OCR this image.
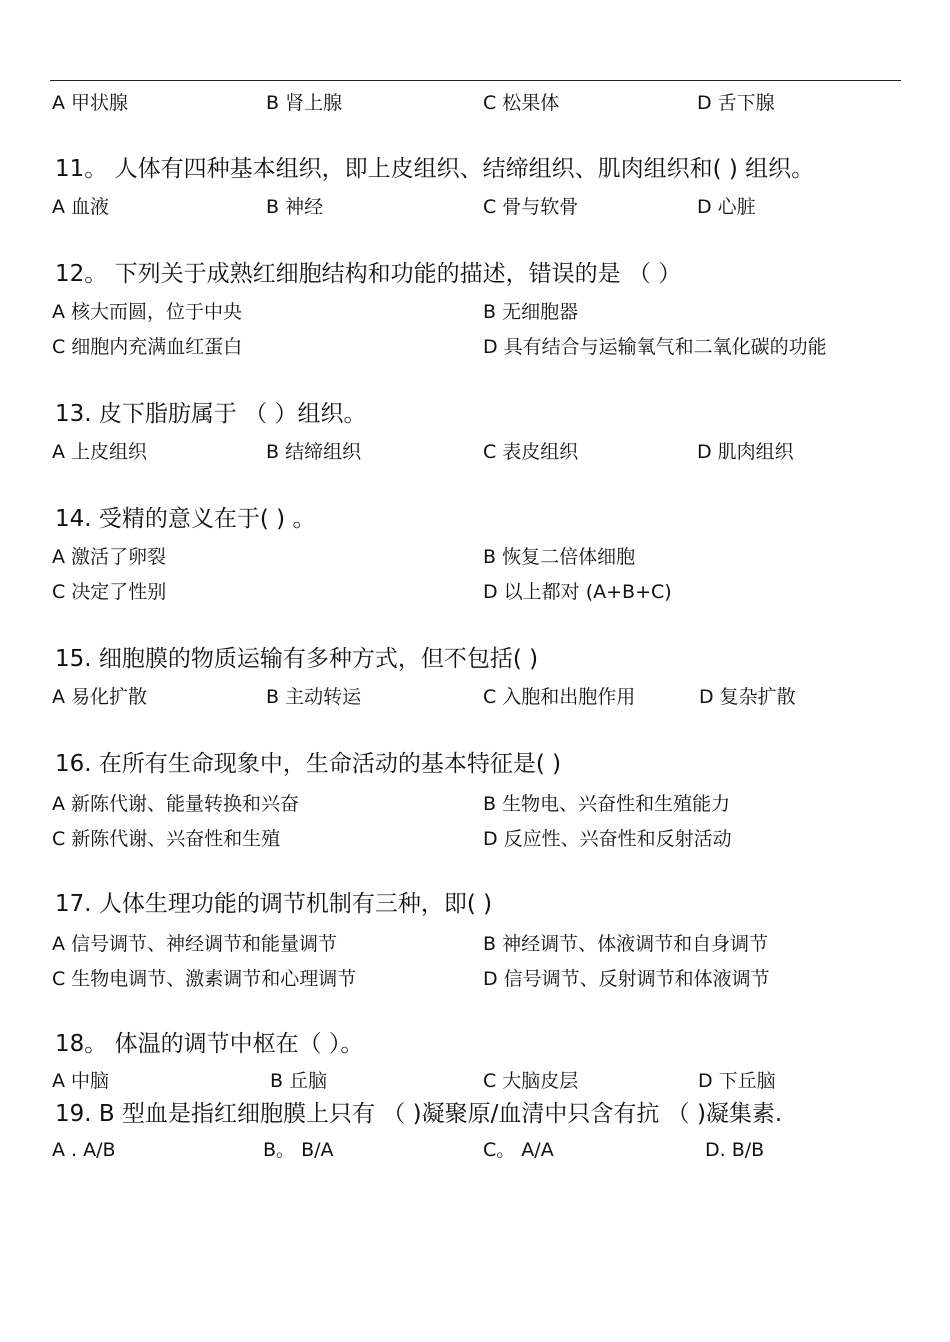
A 甲状腺	B 肾上腺	C 松果体	D 舌下腺
11。 人体有四种基本组织，即上皮组织、结缔组织、肌肉组织和( ) 组织。
A 血液	B 神经	C 骨与软骨	D 心脏
12。 下列关于成熟红细胞结构和功能的描述，错误的是 （ ）
A 核大而圆，位于中央	B 无细胞器
C 细胞内充满血红蛋白	D 具有结合与运输氧气和二氧化碳的功能
13. 皮下脂肪属于 （ ）组织。
A 上皮组织	B 结缔组织	C 表皮组织	D 肌肉组织
14. 受精的意义在于( ) 。
A 激活了卵裂	B 恢复二倍体细胞
C 决定了性别	D 以上都对 (A+B+C)
15. 细胞膜的物质运输有多种方式，但不包括( )
A 易化扩散	B 主动转运	C 入胞和出胞作用	D 复杂扩散
16. 在所有生命现象中，生命活动的基本特征是( )
A 新陈代谢、能量转换和兴奋	B 生物电、兴奋性和生殖能力
C 新陈代谢、兴奋性和生殖	D 反应性、兴奋性和反射活动
17. 人体生理功能的调节机制有三种，即( )
A 信号调节、神经调节和能量调节	B 神经调节、体液调节和自身调节
C 生物电调节、激素调节和心理调节	D 信号调节、反射调节和体液调节
18。 体温的调节中枢在（ ）。
A 中脑	B 丘脑	C 大脑皮层	D 下丘脑
19. B 型血是指红细胞膜上只有 （ )凝聚原/血清中只含有抗 （ )凝集素.
A . A/B	B。 B/A	C。 A/A	D. B/B
